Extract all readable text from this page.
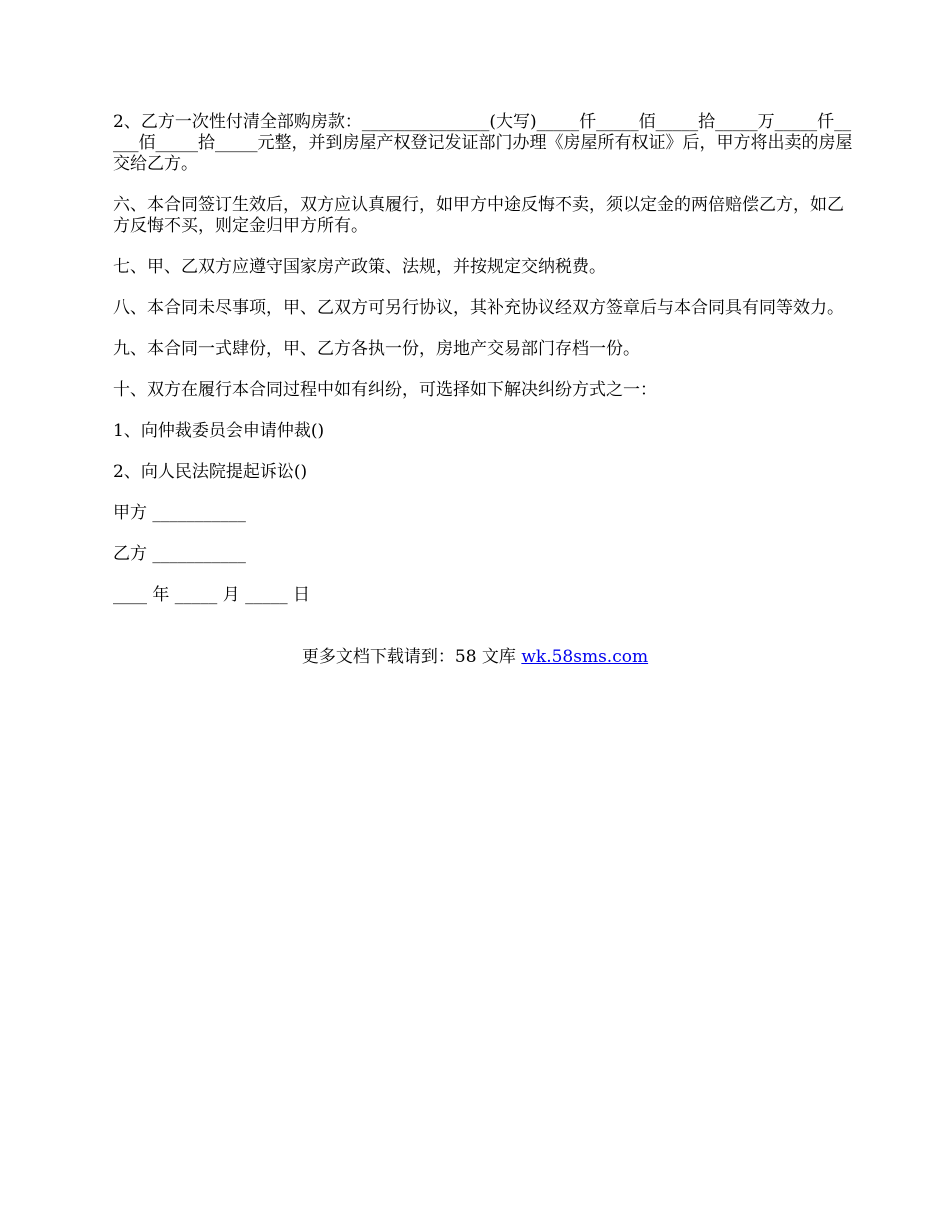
2、乙方一次性付清全部购房款：_______________(大写)_____仟_____佰_____拾_____万_____仟_____佰_____拾_____元整，并到房屋产权登记发证部门办理《房屋所有权证》后，甲方将出卖的房屋交给乙方。

六、本合同签订生效后，双方应认真履行，如甲方中途反悔不卖，须以定金的两倍赔偿乙方，如乙方反悔不买，则定金归甲方所有。

七、甲、乙双方应遵守国家房产政策、法规，并按规定交纳税费。

八、本合同未尽事项，甲、乙双方可另行协议，其补充协议经双方签章后与本合同具有同等效力。

九、本合同一式肆份，甲、乙方各执一份，房地产交易部门存档一份。

十、双方在履行本合同过程中如有纠纷，可选择如下解决纠纷方式之一：

1、向仲裁委员会申请仲裁()

2、向人民法院提起诉讼()

甲方 ___________

乙方 ___________

____ 年 _____ 月 _____ 日

更多文档下载请到：58 文库 wk.58sms.com
